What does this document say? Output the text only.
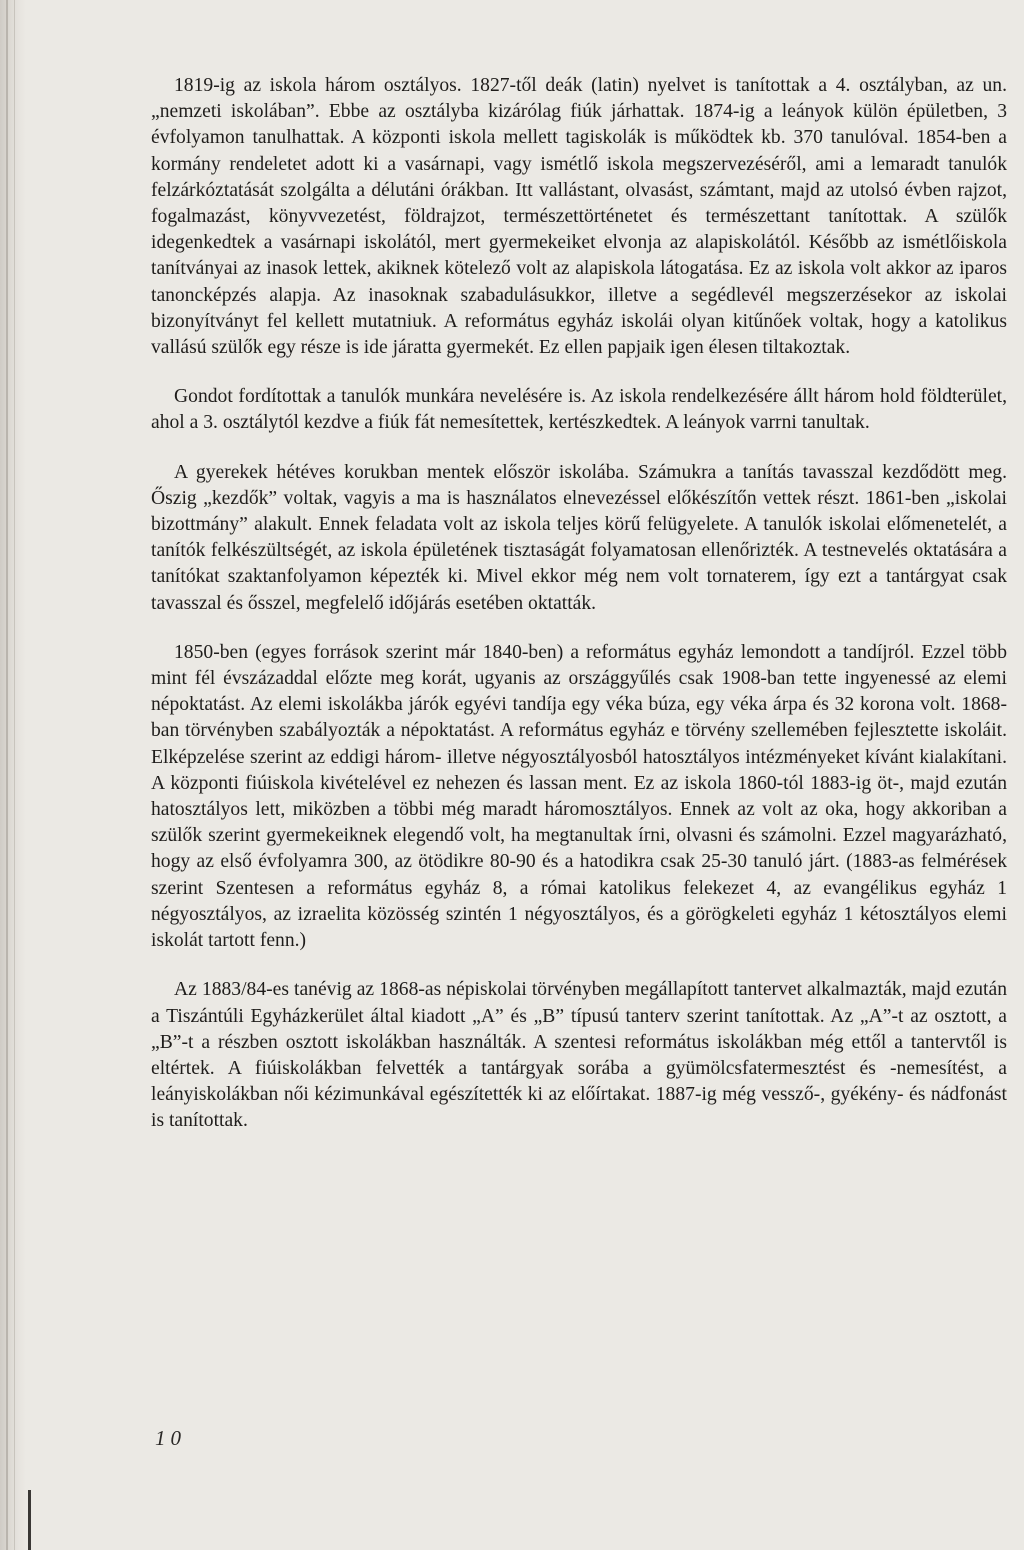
1819-ig az iskola három osztályos. 1827-től deák (latin) nyelvet is tanítottak a 4. osztályban, az un. „nemzeti iskolában”. Ebbe az osztályba kizárólag fiúk járhattak. 1874-ig a leányok külön épületben, 3 évfolyamon tanulhattak. A központi iskola mellett tagiskolák is működtek kb. 370 tanulóval. 1854-ben a kormány rendeletet adott ki a vasárnapi, vagy ismétlő iskola megszervezéséről, ami a lemaradt tanulók felzárkóztatását szolgálta a délutáni órákban. Itt vallástant, olvasást, számtant, majd az utolsó évben rajzot, fogalmazást, könyvvezetést, földrajzot, természettörténetet és természettant tanítottak. A szülők idegenkedtek a vasárnapi iskolától, mert gyermekeiket elvonja az alapiskolától. Később az ismétlőiskola tanítványai az inasok lettek, akiknek kötelező volt az alapiskola látogatása. Ez az iskola volt akkor az iparos tanoncképzés alapja. Az inasoknak szabadulásukkor, illetve a segédlevél megszerzésekor az iskolai bizonyítványt fel kellett mutatniuk. A református egyház iskolái olyan kitűnőek voltak, hogy a katolikus vallású szülők egy része is ide járatta gyermekét. Ez ellen papjaik igen élesen tiltakoztak.

Gondot fordítottak a tanulók munkára nevelésére is. Az iskola rendelkezésére állt három hold földterület, ahol a 3. osztálytól kezdve a fiúk fát nemesítettek, kertészkedtek. A leányok varrni tanultak.

A gyerekek hétéves korukban mentek először iskolába. Számukra a tanítás tavasszal kezdődött meg. Őszig „kezdők” voltak, vagyis a ma is használatos elnevezéssel előkészítőn vettek részt. 1861-ben „iskolai bizottmány” alakult. Ennek feladata volt az iskola teljes körű felügyelete. A tanulók iskolai előmenetelét, a tanítók felkészültségét, az iskola épületének tisztaságát folyamatosan ellenőrizték. A testnevelés oktatására a tanítókat szaktanfolyamon képezték ki. Mivel ekkor még nem volt tornaterem, így ezt a tantárgyat csak tavasszal és ősszel, megfelelő időjárás esetében oktatták.

1850-ben (egyes források szerint már 1840-ben) a református egyház lemondott a tandíjról. Ezzel több mint fél évszázaddal előzte meg korát, ugyanis az országgyűlés csak 1908-ban tette ingyenessé az elemi népoktatást. Az elemi iskolákba járók egyévi tandíja egy véka búza, egy véka árpa és 32 korona volt. 1868-ban törvényben szabályozták a népoktatást. A református egyház e törvény szellemében fejlesztette iskoláit. Elképzelése szerint az eddigi három- illetve négyosztályosból hatosztályos intézményeket kívánt kialakítani. A központi fiúiskola kivételével ez nehezen és lassan ment. Ez az iskola 1860-tól 1883-ig öt-, majd ezután hatosztályos lett, miközben a többi még maradt háromosztályos. Ennek az volt az oka, hogy akkoriban a szülők szerint gyermekeiknek elegendő volt, ha megtanultak írni, olvasni és számolni. Ezzel magyarázható, hogy az első évfolyamra 300, az ötödikre 80-90 és a hatodikra csak 25-30 tanuló járt. (1883-as felmérések szerint Szentesen a református egyház 8, a római katolikus felekezet 4, az evangélikus egyház 1 négyosztályos, az izraelita közösség szintén 1 négyosztályos, és a görögkeleti egyház 1 kétosztályos elemi iskolát tartott fenn.)

Az 1883/84-es tanévig az 1868-as népiskolai törvényben megállapított tantervet alkalmazták, majd ezután a Tiszántúli Egyházkerület által kiadott „A” és „B” típusú tanterv szerint tanítottak. Az „A”-t az osztott, a „B”-t a részben osztott iskolákban használták. A szentesi református iskolákban még ettől a tantervtől is eltértek. A fiúiskolákban felvették a tantárgyak sorába a gyümölcsfatermesztést és -nemesítést, a leányiskolákban női kézimunkával egészítették ki az előírtakat. 1887-ig még vessző-, gyékény- és nádfonást is tanítottak.

10
